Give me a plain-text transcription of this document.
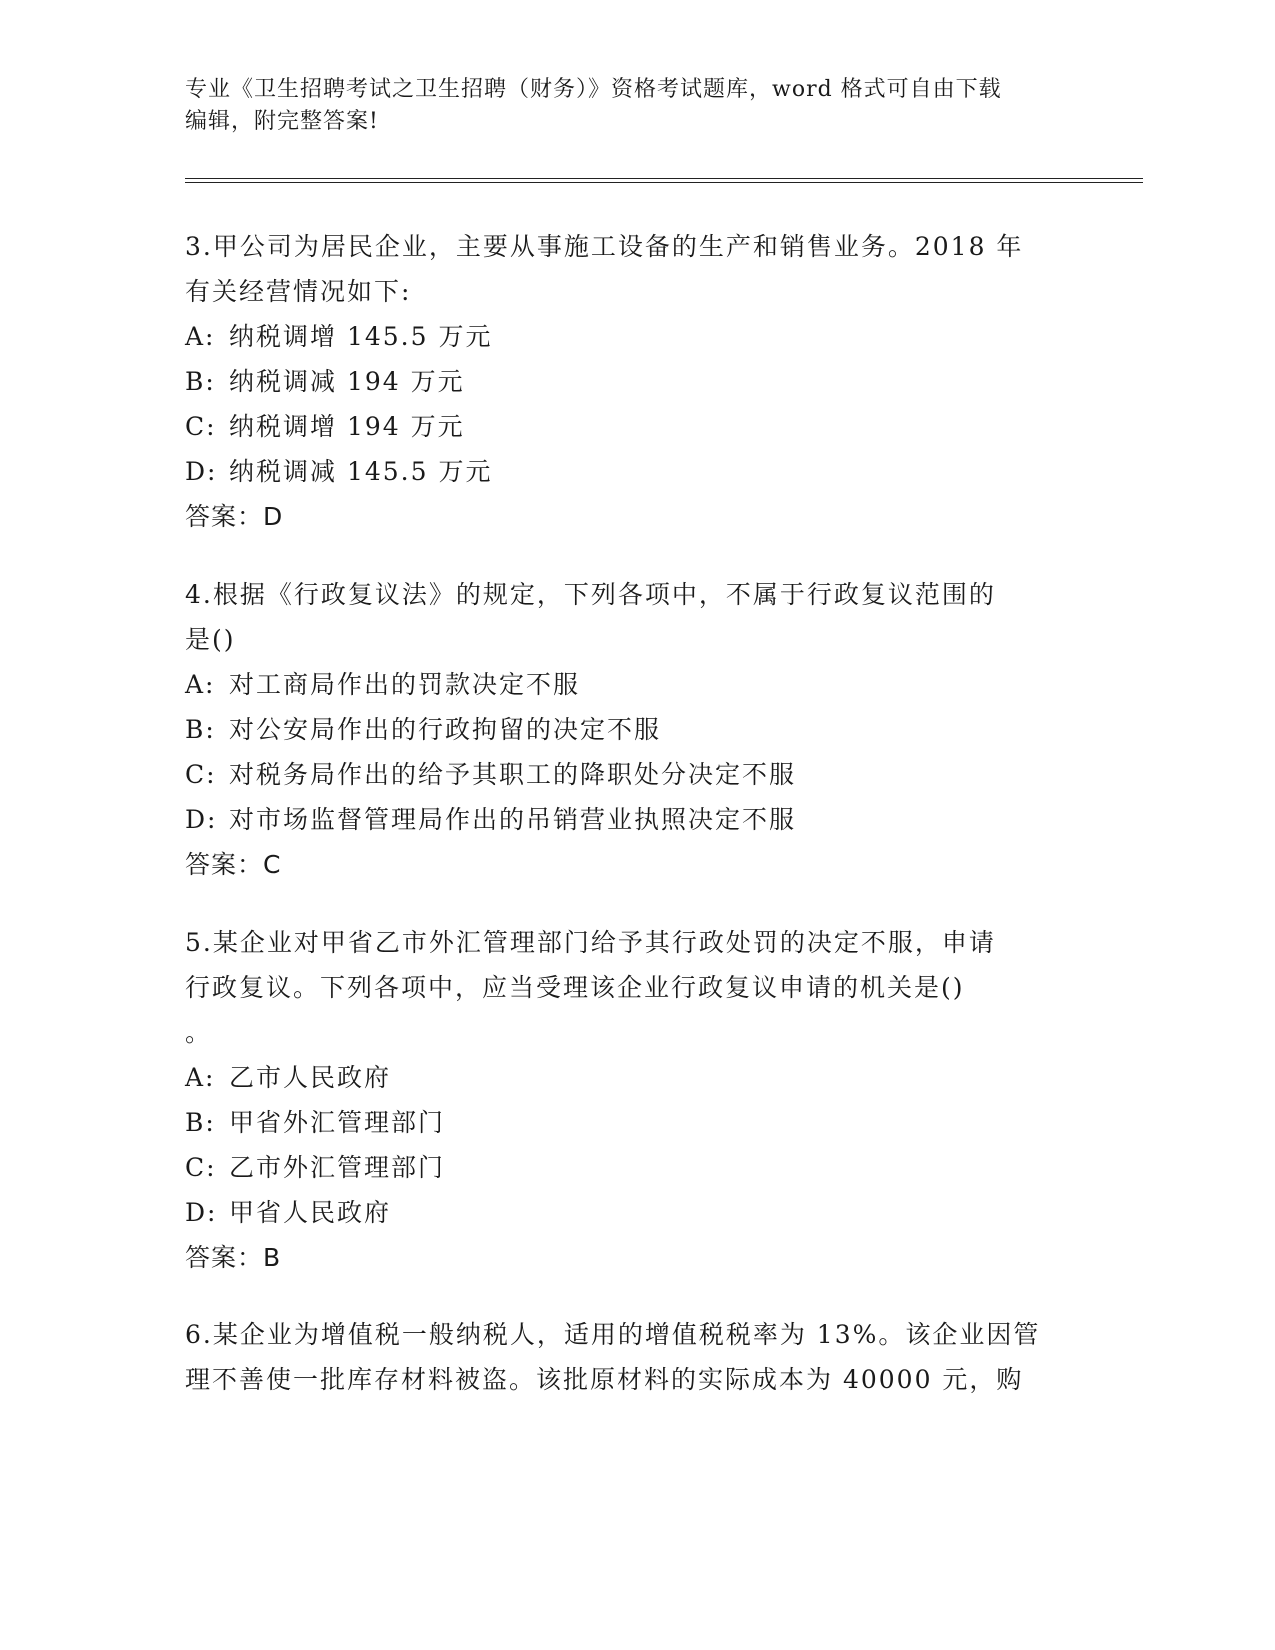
专业《卫生招聘考试之卫生招聘（财务）》资格考试题库，word 格式可自由下载
编辑，附完整答案!
3.甲公司为居民企业，主要从事施工设备的生产和销售业务。2018 年
有关经营情况如下:
A: 纳税调增 145.5 万元
B: 纳税调减 194 万元
C: 纳税调增 194 万元
D: 纳税调减 145.5 万元
答案：D
4.根据《行政复议法》的规定，下列各项中，不属于行政复议范围的
是()
A: 对工商局作出的罚款决定不服
B: 对公安局作出的行政拘留的决定不服
C: 对税务局作出的给予其职工的降职处分决定不服
D: 对市场监督管理局作出的吊销营业执照决定不服
答案：C
5.某企业对甲省乙市外汇管理部门给予其行政处罚的决定不服，申请
行政复议。下列各项中，应当受理该企业行政复议申请的机关是()
。
A: 乙市人民政府
B: 甲省外汇管理部门
C: 乙市外汇管理部门
D: 甲省人民政府
答案：B
6.某企业为增值税一般纳税人，适用的增值税税率为 13%。该企业因管
理不善使一批库存材料被盗。该批原材料的实际成本为 40000 元，购
